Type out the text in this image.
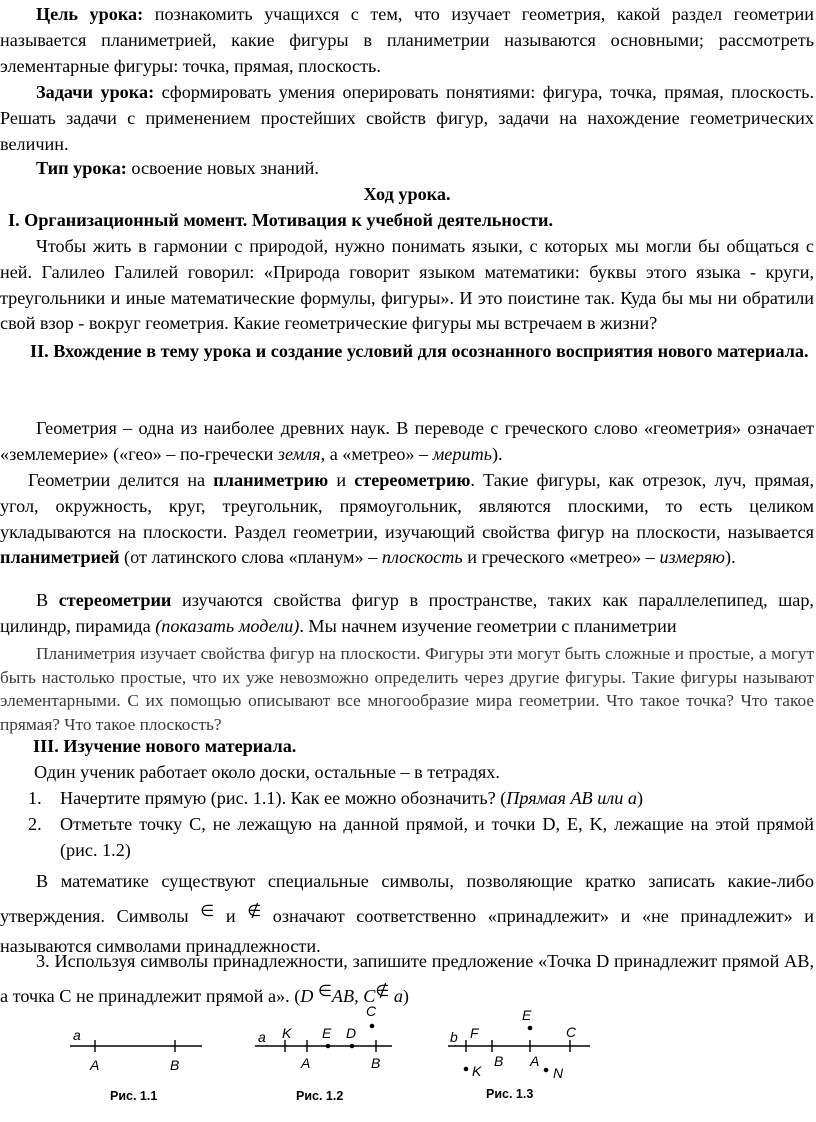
Цель урока: познакомить учащихся с тем, что изучает геометрия, какой раздел геометрии называется планиметрией, какие фигуры в планиметрии называются основными; рассмотреть элементарные фигуры: точка, прямая, плоскость.

Задачи урока: сформировать умения оперировать понятиями: фигура, точка, прямая, плоскость. Решать задачи с применением простейших свойств фигур, задачи на нахождение геометрических величин.

Тип урока: освоение новых знаний.

Ход урока.

I. Организационный момент. Мотивация к учебной деятельности.

Чтобы жить в гармонии с природой, нужно понимать языки, с которых мы могли бы общаться с ней. Галилео Галилей говорил: «Природа говорит языком математики: буквы этого языка - круги, треугольники и иные математические формулы, фигуры». И это поистине так. Куда бы мы ни обратили свой взор - вокруг геометрия. Какие геометрические фигуры мы встречаем в жизни?

II. Вхождение в тему урока и создание условий для осознанного восприятия нового материала.

Геометрия – одна из наиболее древних наук. В переводе с греческого слово «геометрия» означает «землемерие» («гео» – по-гречески земля, а «метрео» – мерить).

Геометрии делится на планиметрию и стереометрию. Такие фигуры, как отрезок, луч, прямая, угол, окружность, круг, треугольник, прямоугольник, являются плоскими, то есть целиком укладываются на плоскости. Раздел геометрии, изучающий свойства фигур на плоскости, называется планиметрией (от латинского слова «планум» – плоскость и греческого «метрео» – измеряю).

В стереометрии изучаются свойства фигур в пространстве, таких как параллелепипед, шар, цилиндр, пирамида (показать модели). Мы начнем изучение геометрии с планиметрии

Планиметрия изучает свойства фигур на плоскости. Фигуры эти могут быть сложные и простые, а могут быть настолько простые, что их уже невозможно определить через другие фигуры. Такие фигуры называют элементарными. С их помощью описывают все многообразие мира геометрии. Что такое точка? Что такое прямая? Что такое плоскость?

III. Изучение нового материала.

Один ученик работает около доски, остальные – в тетрадях.

1. Начертите прямую (рис. 1.1). Как ее можно обозначить? (Прямая АВ или а)

2.	Отметьте точку С, не лежащую на данной прямой, и точки D, E, K, лежащие на этой прямой (рис. 1.2)

В математике существуют специальные символы, позволяющие кратко записать какие-либо утверждения. Символы ∈ и ∉ означают соответственно «принадлежит» и «не принадлежит» и называются символами принадлежности.

3. Используя символы принадлежности, запишите предложение «Точка D принадлежит прямой АВ, а точка С не принадлежит прямой а». (D ∈АВ, С∉ а)

a
A	B
Рис. 1.1
a K E D
A	B
C
Рис. 1.2
b F
B A
C
E
K	N
Рис. 1.3
